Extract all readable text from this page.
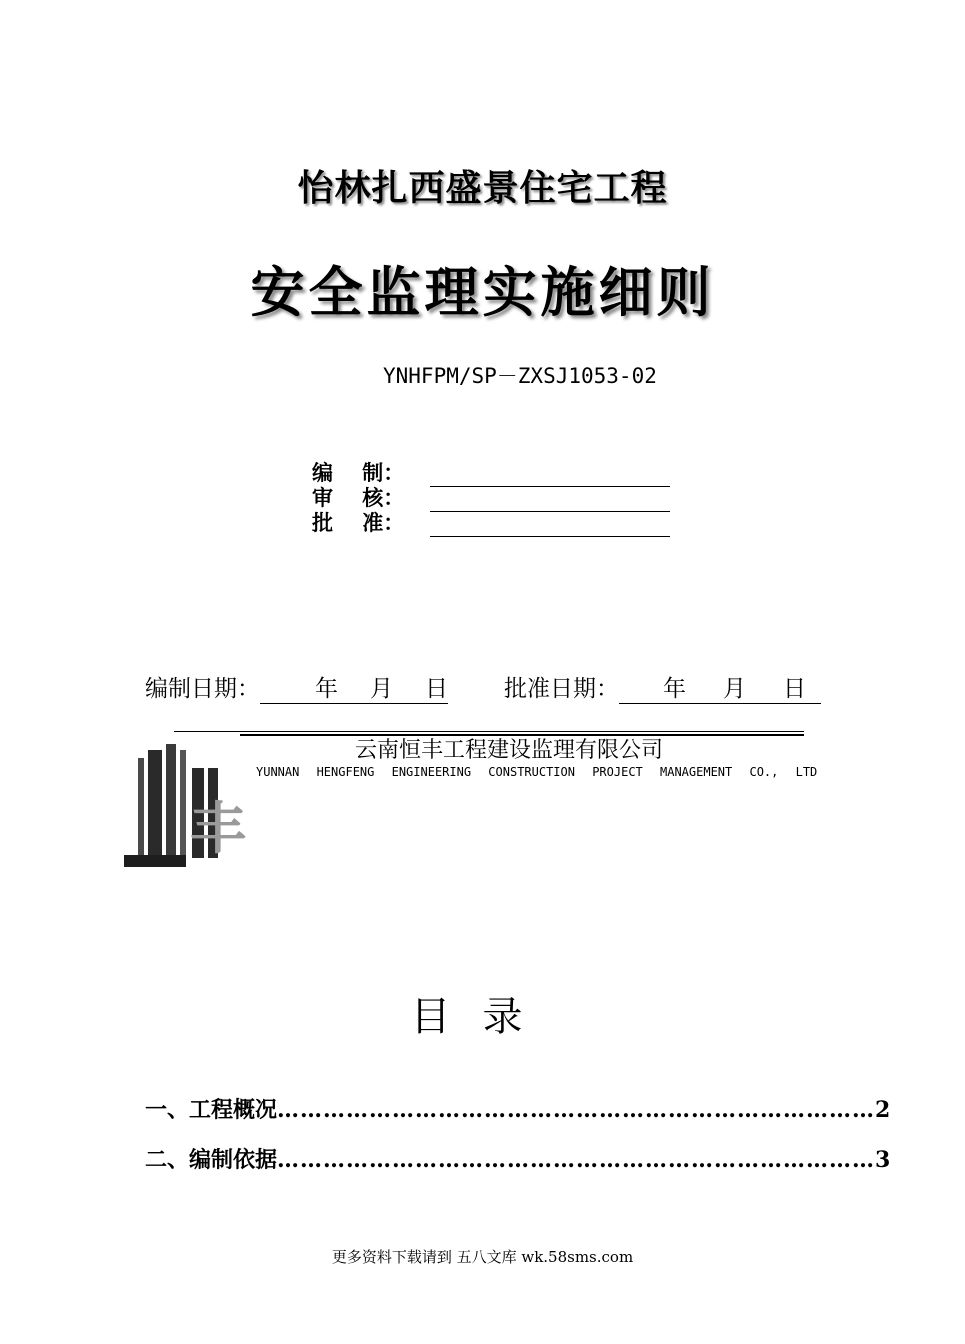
怡林扎西盛景住宅工程
安全监理实施细则
YNHFPM/SP－ZXSJ1053-02
编    制：
审    核：
批    准：
编制日期： 年 月 日 批准日期： 年 月 日
丰
云南恒丰工程建设监理有限公司
YUNNAN HENGFENG ENGINEERING CONSTRUCTION PROJECT MANAGEMENT CO., LTD
目录
一、 工程概况 …………………………………………………………………… 2
二、 编制依据 …………………………………………………………………… 3
更多资料下载请到 五八文库 wk.58sms.com
